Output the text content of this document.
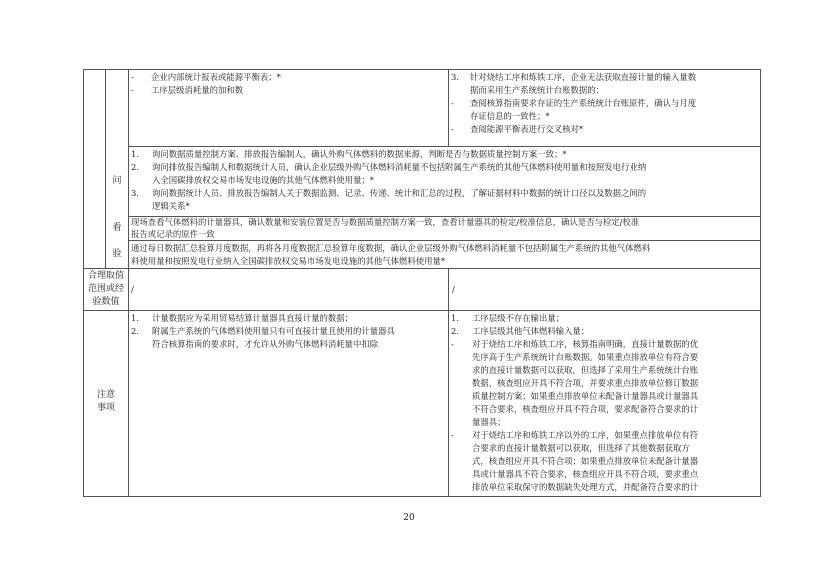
- 企业内部统计报表或能源平衡表；*
- 工序层级消耗量的加和数
3. 针对烧结工序和炼铁工序，企业无法获取直接计量的输入量数
据而采用生产系统统计台账数据的：
- 查阅核算指南要求存证的生产系统统计台账原件，确认与月度
存证信息的一致性；*
- 查阅能源平衡表进行交叉核对*
问
1. 询问数据质量控制方案、排放报告编制人，确认外购气体燃料的数据来源，判断是否与数据质量控制方案一致；*
2. 询问排放报告编制人和数据统计人员，确认企业层级外购气体燃料消耗量不包括附属生产系统的其他气体燃料使用量和按照发电行业纳
入全国碳排放权交易市场发电设施的其他气体燃料使用量；*
3. 询问数据统计人员、排放报告编制人关于数据监测、记录、传递、统计和汇总的过程，了解证据材料中数据的统计口径以及数据之间的
逻辑关系*
看
现场查看气体燃料的计量器具，确认数量和安装位置是否与数据质量控制方案一致，查看计量器具的检定/校准信息，确认是否与检定/校准
报告或记录的原件一致
验
通过每日数据汇总验算月度数据，再将各月度数据汇总验算年度数据，确认企业层级外购气体燃料消耗量不包括附属生产系统的其他气体燃料
料使用量和按照发电行业纳入全国碳排放权交易市场发电设施的其他气体燃料使用量*
合理取值
范围或经
验数值
/	/
注意
事项
1. 计量数据应为采用贸易结算计量器具直接计量的数据；
2. 附属生产系统的气体燃料使用量只有可直接计量且使用的计量器具
符合核算指南的要求时，才允许从外购气体燃料消耗量中扣除
1. 工序层级不存在输出量；
2. 工序层级其他气体燃料输入量：
- 对于烧结工序和炼铁工序，核算指南明确，直接计量数据的优
先序高于生产系统统计台账数据。如果重点排放单位有符合要
求的直接计量数据可以获取，但选择了采用生产系统统计台账
数据，核查组应开具不符合项，并要求重点排放单位修订数据
质量控制方案；如果重点排放单位未配备计量器具或计量器具
不符合要求，核查组应开具不符合项，要求配备符合要求的计
量器具；
- 对于烧结工序和炼铁工序以外的工序，如果重点排放单位有符
合要求的直接计量数据可以获取，但选择了其他数据获取方
式，核查组应开具不符合项；如果重点排放单位未配备计量器
具或计量器具不符合要求，核查组应开具不符合项，要求重点
排放单位采取保守的数据缺失处理方式，并配备符合要求的计
20
